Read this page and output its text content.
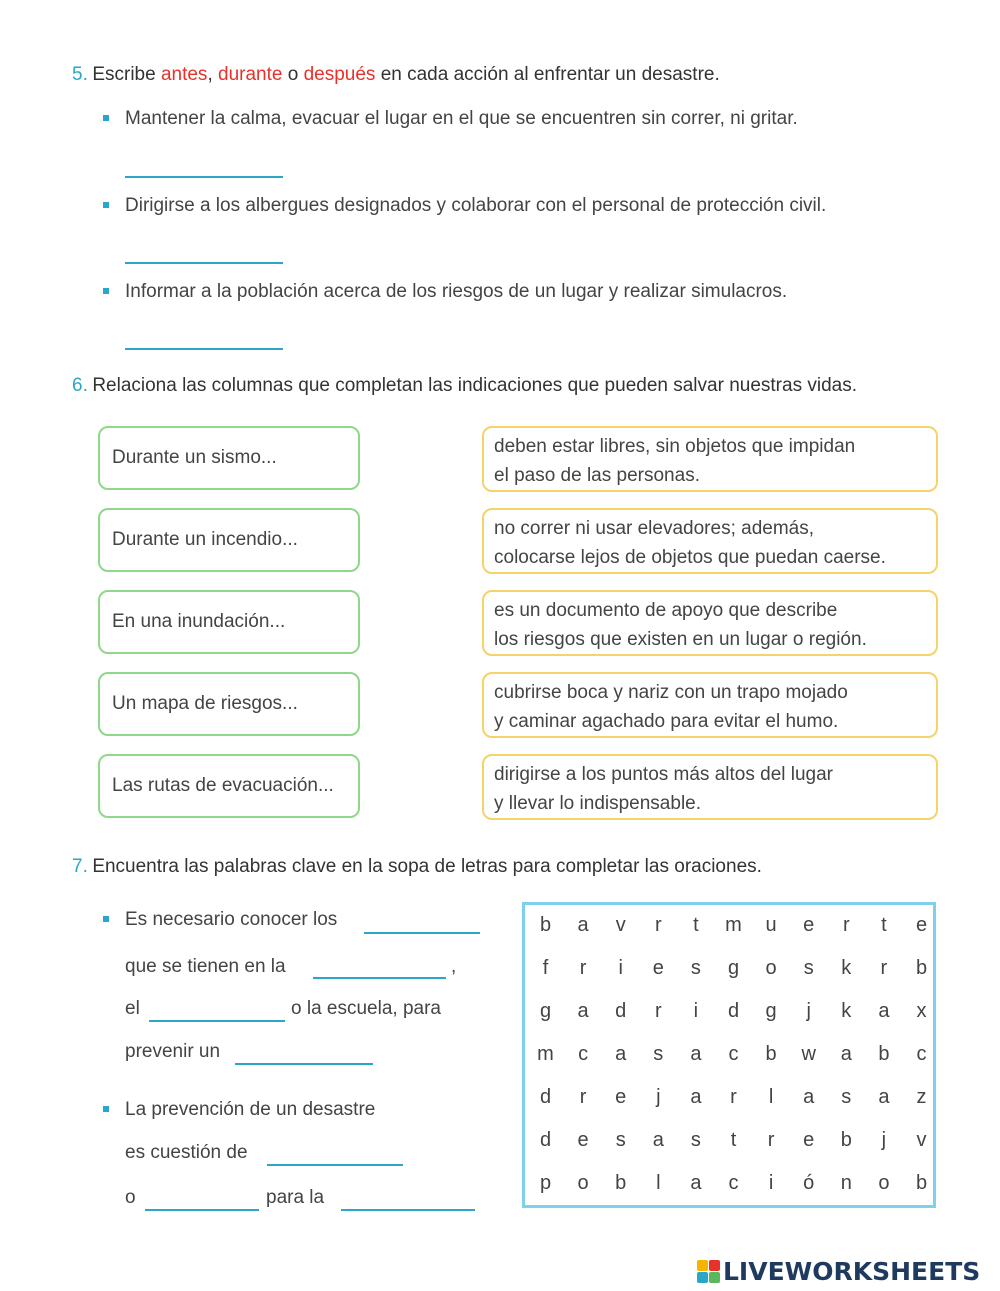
5. Escribe antes, durante o después en cada acción al enfrentar un desastre.
Mantener la calma, evacuar el lugar en el que se encuentren sin correr, ni gritar.
Dirigirse a los albergues designados y colaborar con el personal de protección civil.
Informar a la población acerca de los riesgos de un lugar y realizar simulacros.
6. Relaciona las columnas que completan las indicaciones que pueden salvar nuestras vidas.
Durante un sismo...
Durante un incendio...
En una inundación...
Un mapa de riesgos...
Las rutas de evacuación...
deben estar libres, sin objetos que impidan
el paso de las personas.
no correr ni usar elevadores; además,
colocarse lejos de objetos que puedan caerse.
es un documento de apoyo que describe
los riesgos que existen en un lugar o región.
cubrirse boca y nariz con un trapo mojado
y caminar agachado para evitar el humo.
dirigirse a los puntos más altos del lugar
y llevar lo indispensable.
7. Encuentra las palabras clave en la sopa de letras para completar las oraciones.
Es necesario conocer los
que se tienen en la	,
el	o la escuela, para
prevenir un
La prevención de un desastre
es cuestión de
o	para la
b	a	v	r	t	m	u	e	r	t	e
f	r	i	e	s	g	o	s	k	r	b
g	a	d	r	i	d	g	j	k	a	x
m	c	a	s	a	c	b	w	a	b	c
d	r	e	j	a	r	l	a	s	a	z
d	e	s	a	s	t	r	e	b	j	v
p	o	b	l	a	c	i	ó	n	o	b
LIVEWORKSHEETS
